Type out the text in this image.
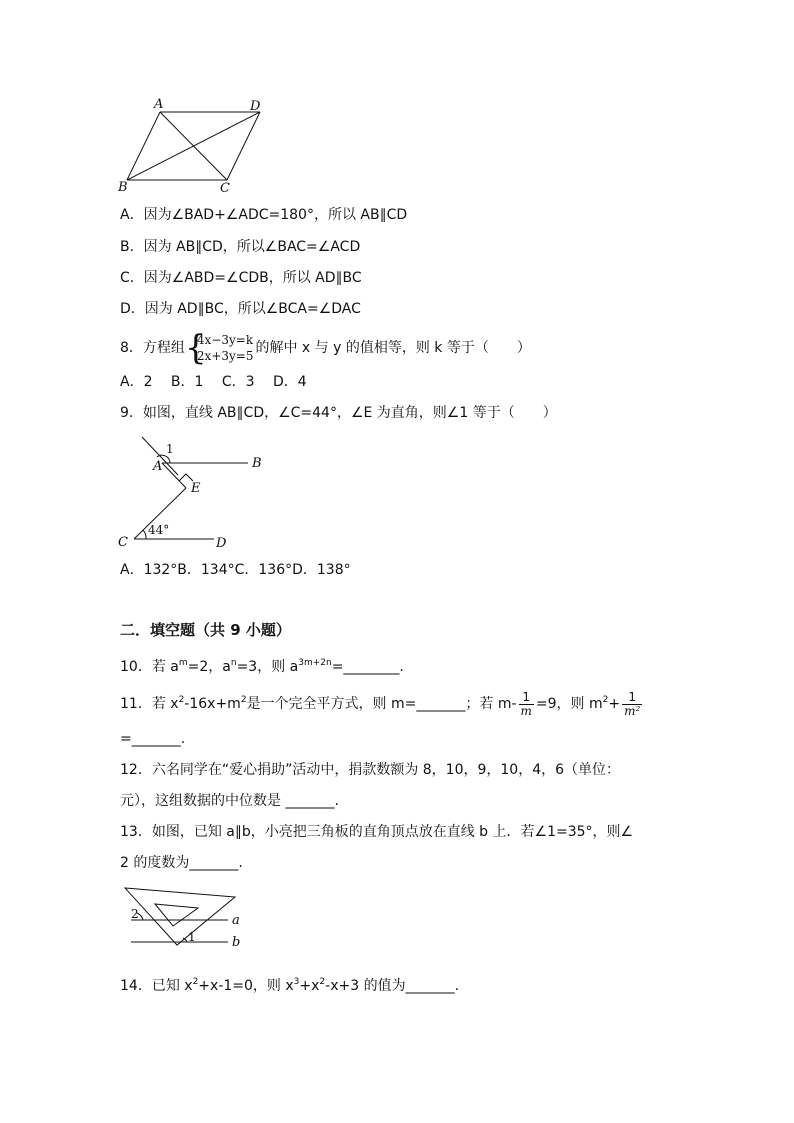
A	D
B	C
A．因为∠BAD+∠ADC=180°，所以 AB∥CD
B．因为 AB∥CD，所以∠BAC=∠ACD
C．因为∠ABD=∠CDB，所以 AD∥BC
D．因为 AD∥BC，所以∠BCA=∠DAC
8．方程组 {
4x−3y=k
2x+3y=5 的解中 x 与 y 的值相等，则 k 等于（　　）
A．2　 B．1　 C．3　 D．4
9．如图，直线 AB∥CD，∠C=44°，∠E 为直角，则∠1 等于（　　）
1
A	B
E
44°
C	D
A．132°B．134°C．136°D．138°
二．填空题（共 9 小题）
10．若 $a^m=2$，$a^n=3$，则 $a^{3m+2n}=\_\_\_\_\_\_\_\_$.
11．若 $x^2-16x+m^2$是一个完全平方式，则 m=_______；若 $m- \frac{1}{m} =9$，则 $m^2+ \frac{1}{\text{m²}}$
=_______.
12．六名同学在“爱心捐助”活动中，捐款数额为 8，10，9，10，4，6（单位：
元），这组数据的中位数是 _______.
13．如图，已知 a∥b，小亮把三角板的直角顶点放在直线 b 上．若∠1=35°，则∠
2 的度数为_______.
2
1
a
b
14．已知 $x^2+x-1=0$，则 $x^3+x^2-x+3$ 的值为_______.
